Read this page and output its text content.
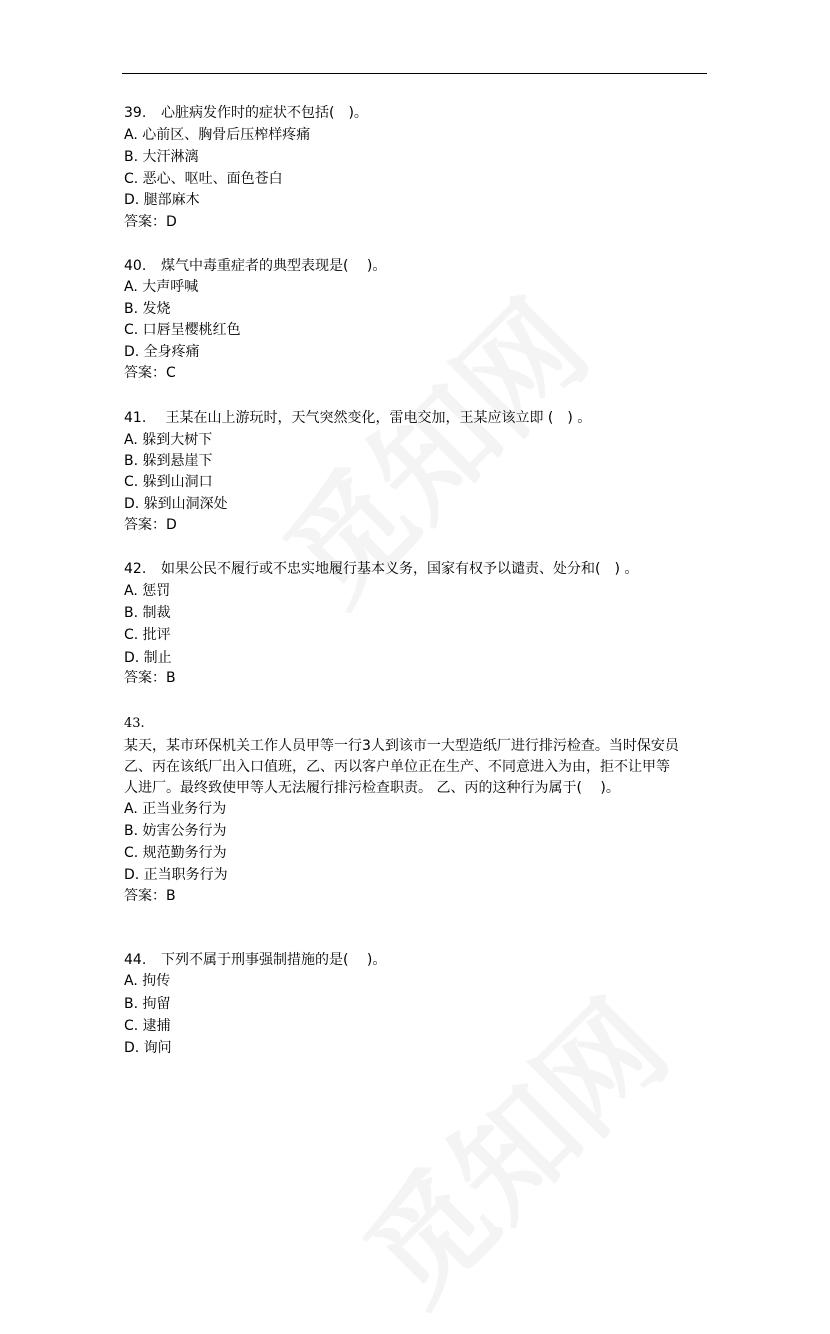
39. 心脏病发作时的症状不包括(　)。
A. 心前区、胸骨后压榨样疼痛
B. 大汗淋漓
C. 恶心、呕吐、面色苍白
D. 腿部麻木
答案：D
40. 煤气中毒重症者的典型表现是(　 )。
A. 大声呼喊
B. 发烧
C. 口唇呈樱桃红色
D. 全身疼痛
答案：C
41. 王某在山上游玩时，天气突然变化，雷电交加，王某应该立即 (　) 。
A. 躲到大树下
B. 躲到悬崖下
C. 躲到山洞口
D. 躲到山洞深处
答案：D
42. 如果公民不履行或不忠实地履行基本义务，国家有权予以谴责、处分和(　) 。
A. 惩罚
B. 制裁
C. 批评
D. 制止
答案：B
43.
某天，某市环保机关工作人员甲等一行3人到该市一大型造纸厂进行排污检查。当时保安员
乙、丙在该纸厂出入口值班，乙、丙以客户单位正在生产、不同意进入为由，拒不让甲等
人进厂。最终致使甲等人无法履行排污检查职责。 乙、丙的这种行为属于(　 )。
A. 正当业务行为
B. 妨害公务行为
C. 规范勤务行为
D. 正当职务行为
答案：B
44. 下列不属于刑事强制措施的是(　 )。
A. 拘传
B. 拘留
C. 逮捕
D. 询问
